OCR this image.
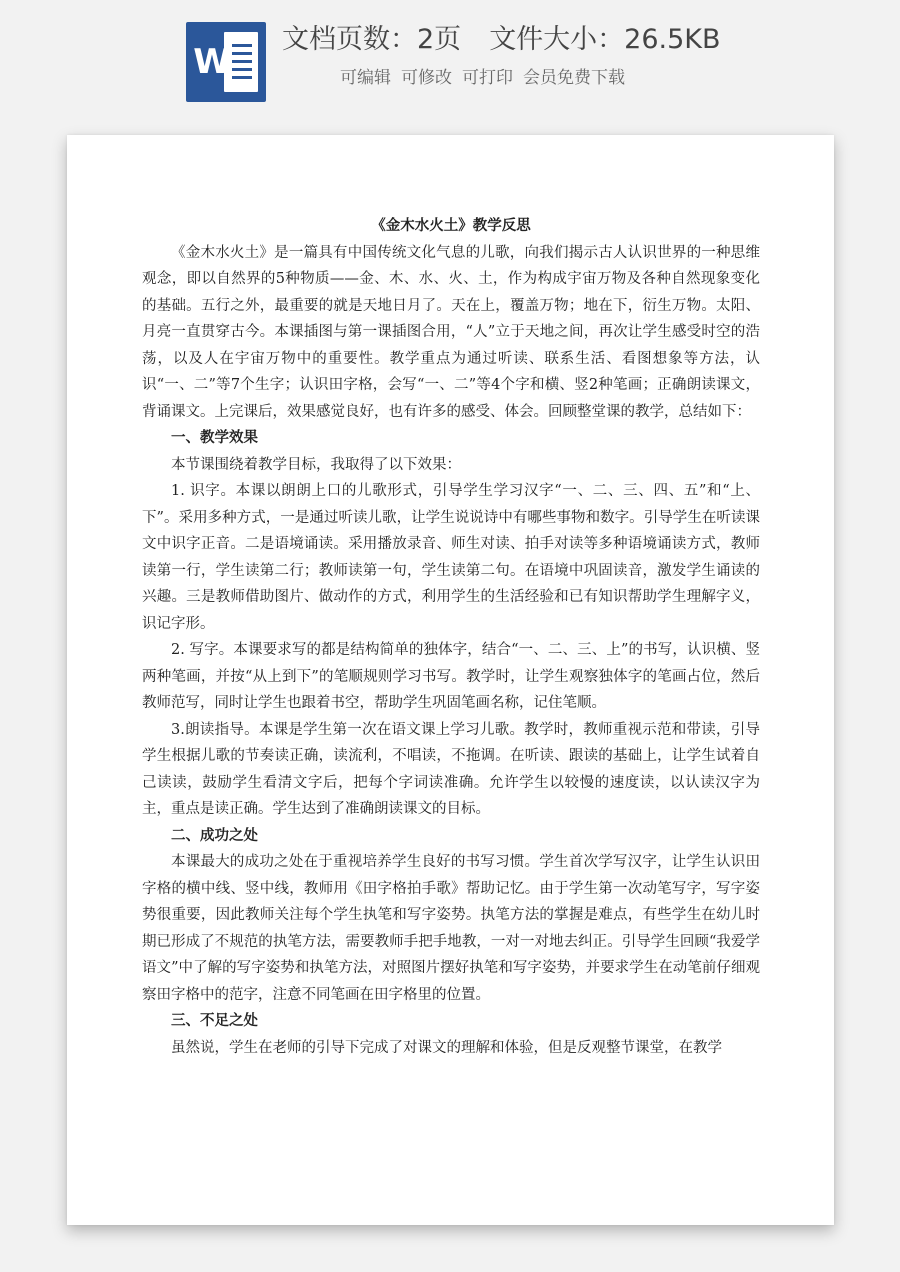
W
文档页数：2页 文件大小：26.5KB
可编辑 可修改 可打印 会员免费下载
《金木水火土》教学反思

《金木水火土》是一篇具有中国传统文化气息的儿歌，向我们揭示古人认识世界的一种思维观念，即以自然界的5种物质——金、木、水、火、土，作为构成宇宙万物及各种自然现象变化的基础。五行之外，最重要的就是天地日月了。天在上，覆盖万物；地在下，衍生万物。太阳、月亮一直贯穿古今。本课插图与第一课插图合用，“人”立于天地之间，再次让学生感受时空的浩荡，以及人在宇宙万物中的重要性。教学重点为通过听读、联系生活、看图想象等方法，认识“一、二”等7个生字；认识田字格，会写“一、二”等4个字和横、竖2种笔画；正确朗读课文，背诵课文。上完课后，效果感觉良好，也有许多的感受、体会。回顾整堂课的教学，总结如下：

一、教学效果

本节课围绕着教学目标，我取得了以下效果：

1. 识字。本课以朗朗上口的儿歌形式，引导学生学习汉字“一、二、三、四、五”和“上、下”。采用多种方式，一是通过听读儿歌，让学生说说诗中有哪些事物和数字。引导学生在听读课文中识字正音。二是语境诵读。采用播放录音、师生对读、拍手对读等多种语境诵读方式，教师读第一行，学生读第二行；教师读第一句，学生读第二句。在语境中巩固读音，激发学生诵读的兴趣。三是教师借助图片、做动作的方式，利用学生的生活经验和已有知识帮助学生理解字义，识记字形。

2. 写字。本课要求写的都是结构简单的独体字，结合“一、二、三、上”的书写，认识横、竖两种笔画，并按“从上到下”的笔顺规则学习书写。教学时，让学生观察独体字的笔画占位，然后教师范写，同时让学生也跟着书空，帮助学生巩固笔画名称，记住笔顺。

3.朗读指导。本课是学生第一次在语文课上学习儿歌。教学时，教师重视示范和带读，引导学生根据儿歌的节奏读正确，读流利，不唱读，不拖调。在听读、跟读的基础上，让学生试着自己读读，鼓励学生看清文字后，把每个字词读准确。允许学生以较慢的速度读，以认读汉字为主，重点是读正确。学生达到了准确朗读课文的目标。

二、成功之处

本课最大的成功之处在于重视培养学生良好的书写习惯。学生首次学写汉字，让学生认识田字格的横中线、竖中线，教师用《田字格拍手歌》帮助记忆。由于学生第一次动笔写字，写字姿势很重要，因此教师关注每个学生执笔和写字姿势。执笔方法的掌握是难点，有些学生在幼儿时期已形成了不规范的执笔方法，需要教师手把手地教，一对一对地去纠正。引导学生回顾“我爱学语文”中了解的写字姿势和执笔方法，对照图片摆好执笔和写字姿势，并要求学生在动笔前仔细观察田字格中的范字，注意不同笔画在田字格里的位置。

三、不足之处

虽然说，学生在老师的引导下完成了对课文的理解和体验，但是反观整节课堂，在教学
